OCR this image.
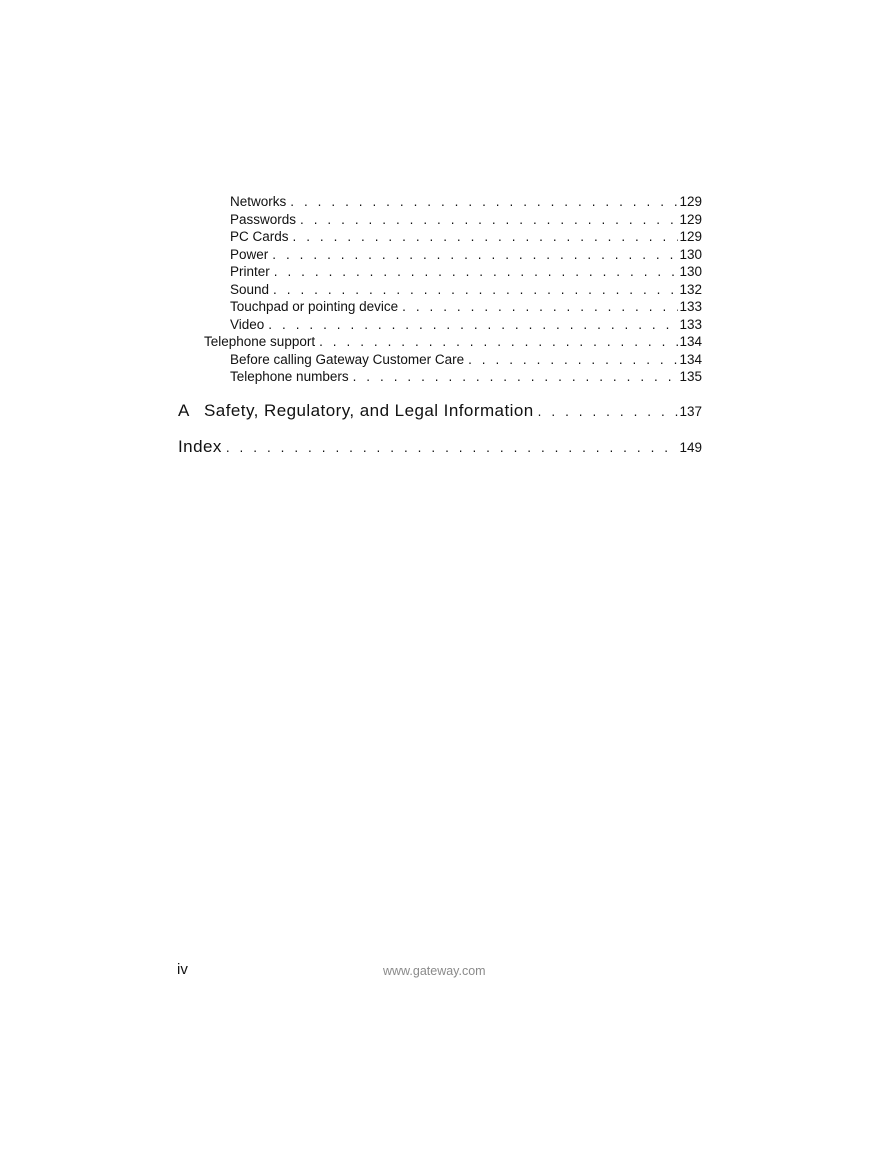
Networks . . .	129
Passwords . . .	129
PC Cards . . .	129
Power . . .	130
Printer . . .	130
Sound . . .	132
Touchpad or pointing device . . .	133
Video . . .	133
Telephone support . . .	134
Before calling Gateway Customer Care . . .	134
Telephone numbers . . .	135
A Safety, Regulatory, and Legal Information . . .	137
Index . . .	149
iv	www.gateway.com
